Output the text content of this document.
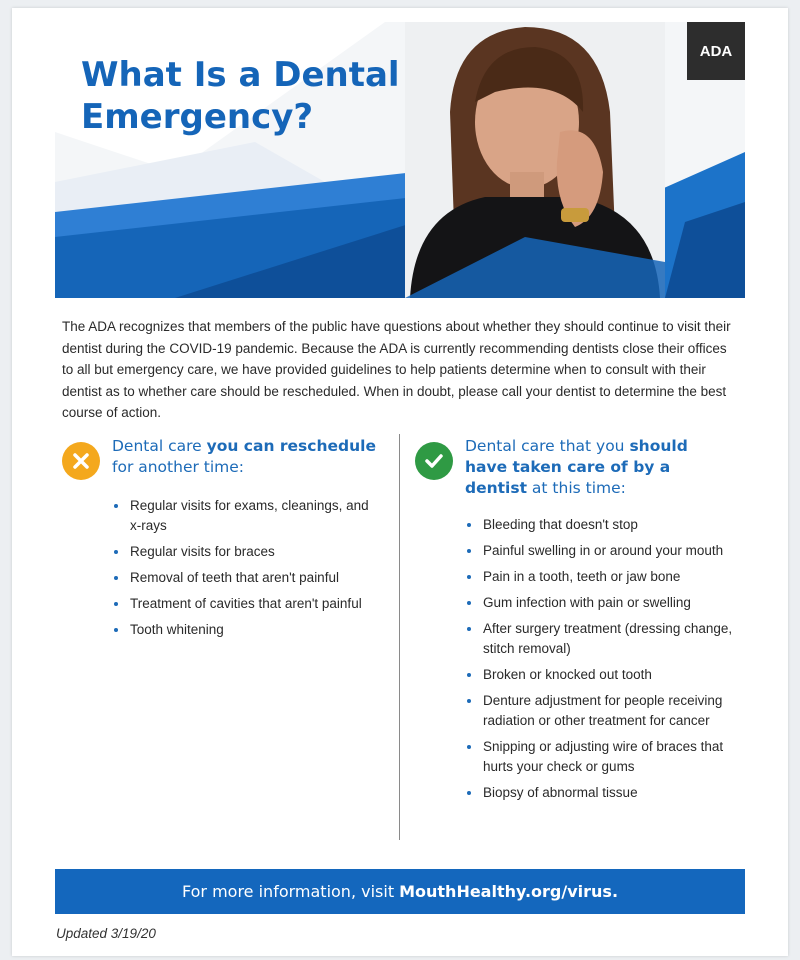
What Is a Dental Emergency?
ADA

The ADA recognizes that members of the public have questions about whether they should continue to visit their dentist during the COVID-19 pandemic. Because the ADA is currently recommending dentists close their offices to all but emergency care, we have provided guidelines to help patients determine when to consult with their dentist as to whether care should be rescheduled. When in doubt, please call your dentist to determine the best course of action.

Dental care you can reschedule for another time:
Regular visits for exams, cleanings, and x-rays
Regular visits for braces
Removal of teeth that aren't painful
Treatment of cavities that aren't painful
Tooth whitening
Dental care that you should have taken care of by a dentist at this time:
Bleeding that doesn't stop
Painful swelling in or around your mouth
Pain in a tooth, teeth or jaw bone
Gum infection with pain or swelling
After surgery treatment (dressing change, stitch removal)
Broken or knocked out tooth
Denture adjustment for people receiving radiation or other treatment for cancer
Snipping or adjusting wire of braces that hurts your check or gums
Biopsy of abnormal tissue
For more information, visit MouthHealthy.org/virus.

Updated 3/19/20
